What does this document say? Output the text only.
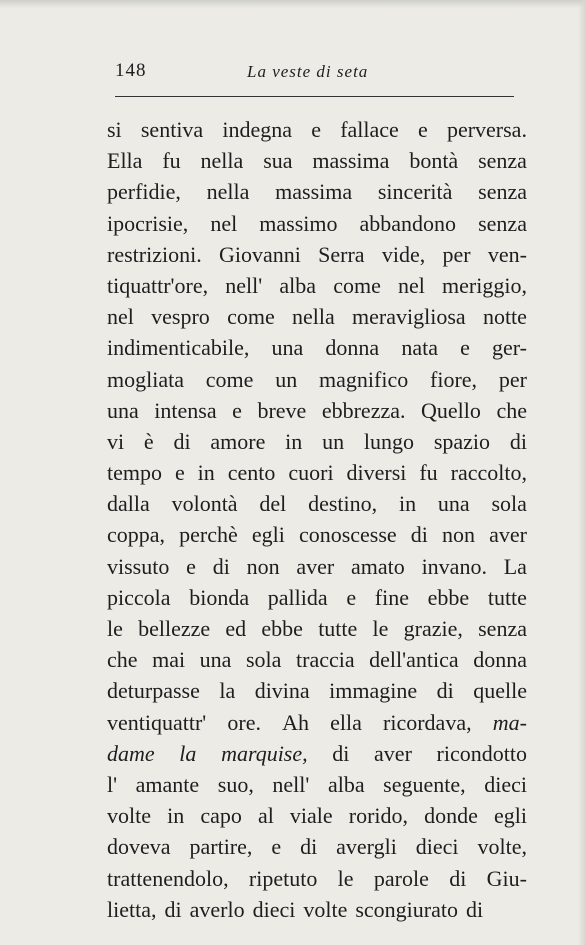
148	La veste di seta
si sentiva indegna e fallace e perversa.
Ella fu nella sua massima bontà senza
perfidie, nella massima sincerità senza
ipocrisie, nel massimo abbandono senza
restrizioni. Giovanni Serra vide, per ven-
tiquattr'ore, nell' alba come nel meriggio,
nel vespro come nella meravigliosa notte
indimenticabile, una donna nata e ger-
mogliata come un magnifico fiore, per
una intensa e breve ebbrezza. Quello che
vi è di amore in un lungo spazio di
tempo e in cento cuori diversi fu raccolto,
dalla volontà del destino, in una sola
coppa, perchè egli conoscesse di non aver
vissuto e di non aver amato invano. La
piccola bionda pallida e fine ebbe tutte
le bellezze ed ebbe tutte le grazie, senza
che mai una sola traccia dell'antica donna
deturpasse la divina immagine di quelle
ventiquattr' ore. Ah ella ricordava, ma-
dame la marquise, di aver ricondotto
l' amante suo, nell' alba seguente, dieci
volte in capo al viale rorido, donde egli
doveva partire, e di avergli dieci volte,
trattenendolo, ripetuto le parole di Giu-
lietta, di averlo dieci volte scongiurato di
